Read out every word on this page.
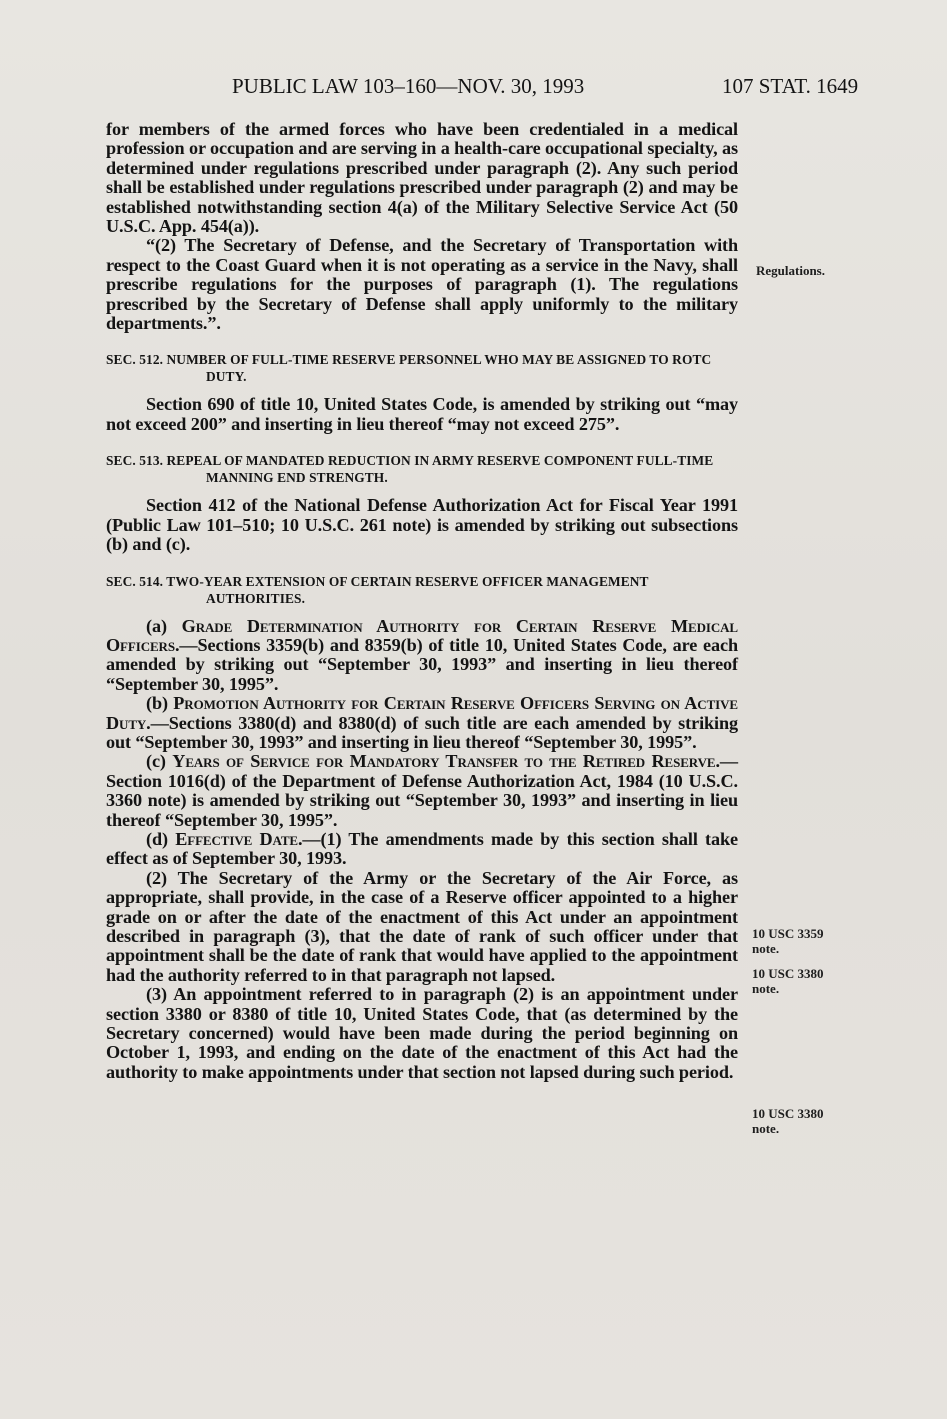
PUBLIC LAW 103–160—NOV. 30, 1993	107 STAT. 1649

for members of the armed forces who have been credentialed in a medical profession or occupation and are serving in a health-care occupational specialty, as determined under regulations prescribed under paragraph (2). Any such period shall be established under regulations prescribed under paragraph (2) and may be established notwithstanding section 4(a) of the Military Selective Service Act (50 U.S.C. App. 454(a)).

“(2) The Secretary of Defense, and the Secretary of Transportation with respect to the Coast Guard when it is not operating as a service in the Navy, shall prescribe regulations for the purposes of paragraph (1). The regulations prescribed by the Secretary of Defense shall apply uniformly to the military departments.”.

SEC. 512. NUMBER OF FULL-TIME RESERVE PERSONNEL WHO MAY BE ASSIGNED TO ROTC DUTY.

Section 690 of title 10, United States Code, is amended by striking out “may not exceed 200” and inserting in lieu thereof “may not exceed 275”.

SEC. 513. REPEAL OF MANDATED REDUCTION IN ARMY RESERVE COMPONENT FULL-TIME MANNING END STRENGTH.

Section 412 of the National Defense Authorization Act for Fiscal Year 1991 (Public Law 101–510; 10 U.S.C. 261 note) is amended by striking out subsections (b) and (c).

SEC. 514. TWO-YEAR EXTENSION OF CERTAIN RESERVE OFFICER MANAGEMENT AUTHORITIES.

(a) Grade Determination Authority for Certain Reserve Medical Officers.—Sections 3359(b) and 8359(b) of title 10, United States Code, are each amended by striking out “September 30, 1993” and inserting in lieu thereof “September 30, 1995”.

(b) Promotion Authority for Certain Reserve Officers Serving on Active Duty.—Sections 3380(d) and 8380(d) of such title are each amended by striking out “September 30, 1993” and inserting in lieu thereof “September 30, 1995”.

(c) Years of Service for Mandatory Transfer to the Retired Reserve.—Section 1016(d) of the Department of Defense Authorization Act, 1984 (10 U.S.C. 3360 note) is amended by striking out “September 30, 1993” and inserting in lieu thereof “September 30, 1995”.

(d) Effective Date.—(1) The amendments made by this section shall take effect as of September 30, 1993.

(2) The Secretary of the Army or the Secretary of the Air Force, as appropriate, shall provide, in the case of a Reserve officer appointed to a higher grade on or after the date of the enactment of this Act under an appointment described in paragraph (3), that the date of rank of such officer under that appointment shall be the date of rank that would have applied to the appointment had the authority referred to in that paragraph not lapsed.

(3) An appointment referred to in paragraph (2) is an appointment under section 3380 or 8380 of title 10, United States Code, that (as determined by the Secretary concerned) would have been made during the period beginning on October 1, 1993, and ending on the date of the enactment of this Act had the authority to make appointments under that section not lapsed during such period.

Regulations.
10 USC 3359
note.
10 USC 3380
note.
10 USC 3380
note.
